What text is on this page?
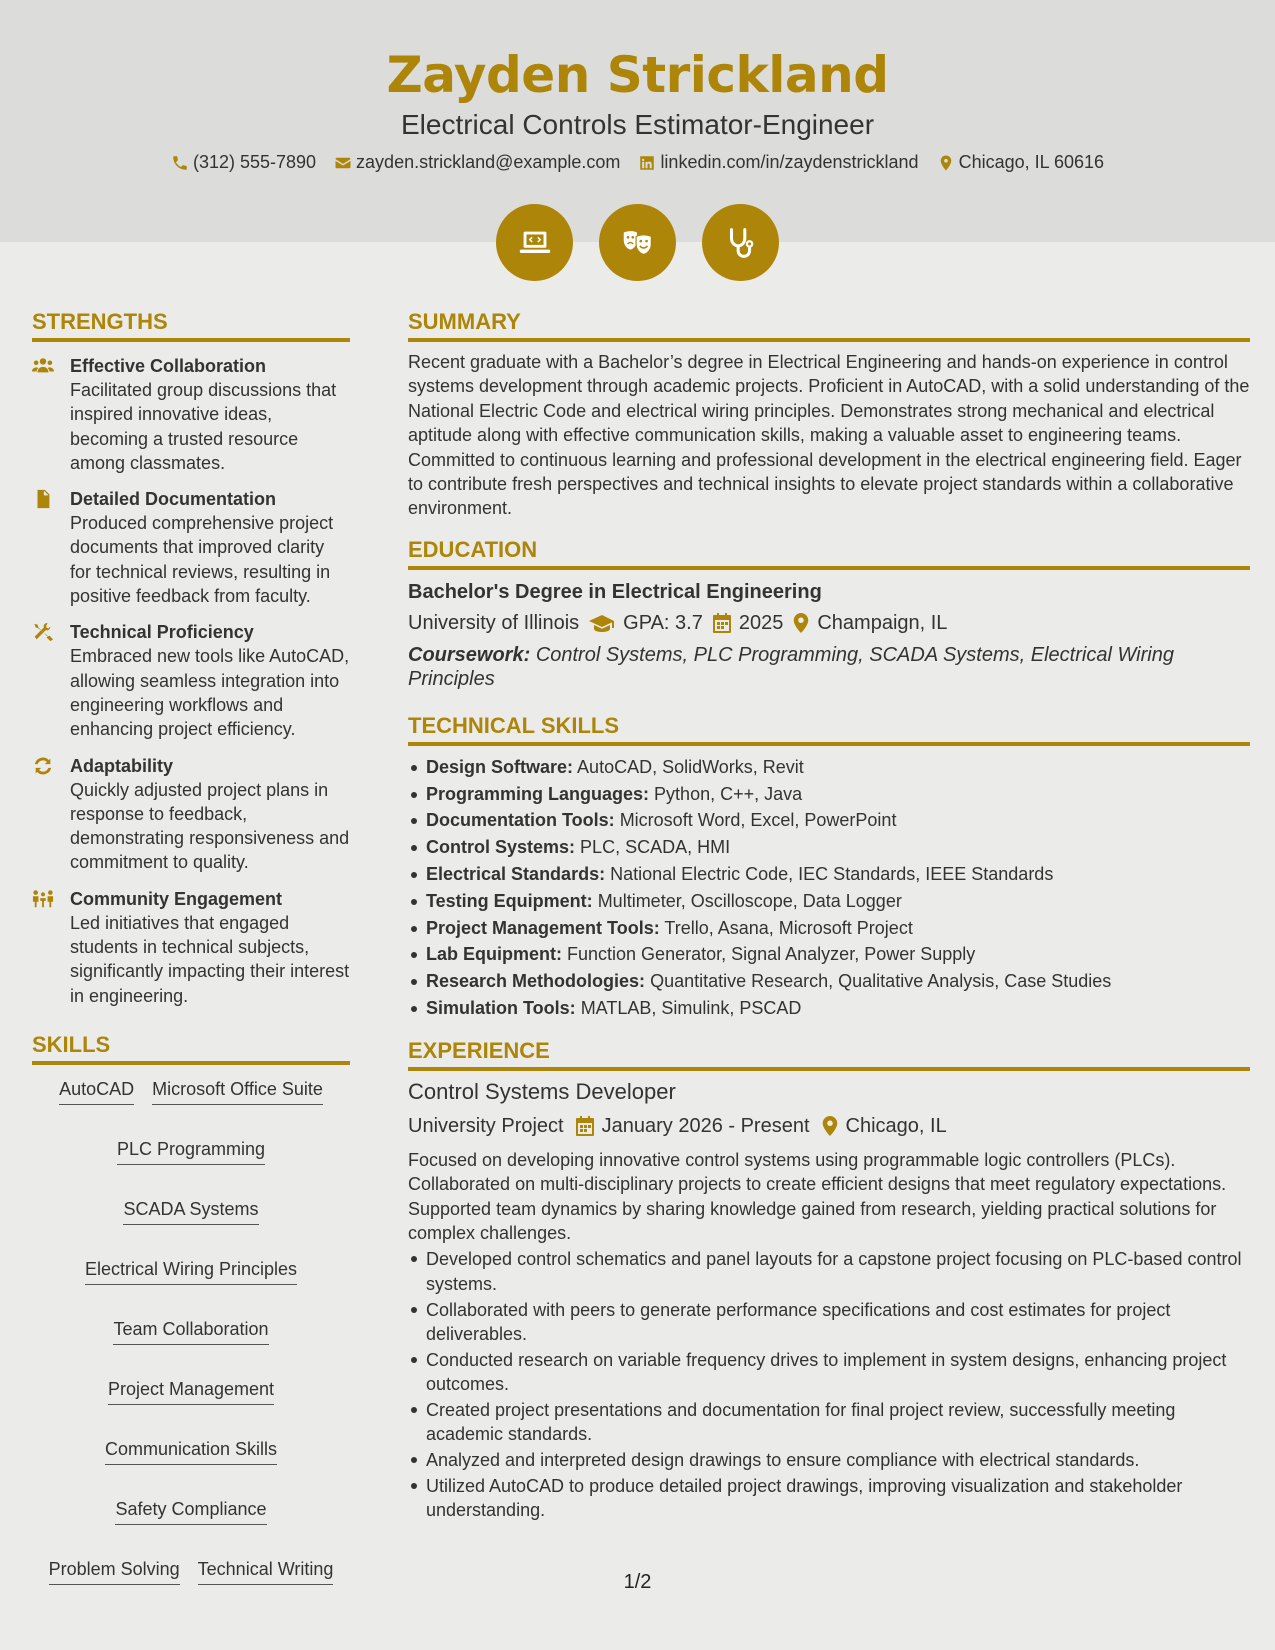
Zayden Strickland
Electrical Controls Estimator-Engineer
(312) 555-7890 zayden.strickland@example.com linkedin.com/in/zaydenstrickland Chicago, IL 60616
STRENGTHS
Effective Collaboration
Facilitated group discussions that inspired innovative ideas, becoming a trusted resource among classmates.
Detailed Documentation
Produced comprehensive project documents that improved clarity for technical reviews, resulting in positive feedback from faculty.
Technical Proficiency
Embraced new tools like AutoCAD, allowing seamless integration into engineering workflows and enhancing project efficiency.
Adaptability
Quickly adjusted project plans in response to feedback, demonstrating responsiveness and commitment to quality.
Community Engagement
Led initiatives that engaged students in technical subjects, significantly impacting their interest in engineering.
SKILLS
AutoCAD Microsoft Office Suite
PLC Programming
SCADA Systems
Electrical Wiring Principles
Team Collaboration
Project Management
Communication Skills
Safety Compliance
Problem Solving Technical Writing
SUMMARY
Recent graduate with a Bachelor’s degree in Electrical Engineering and hands-on experience in control systems development through academic projects. Proficient in AutoCAD, with a solid understanding of the National Electric Code and electrical wiring principles. Demonstrates strong mechanical and electrical aptitude along with effective communication skills, making a valuable asset to engineering teams. Committed to continuous learning and professional development in the electrical engineering field. Eager to contribute fresh perspectives and technical insights to elevate project standards within a collaborative environment.
EDUCATION
Bachelor's Degree in Electrical Engineering
University of Illinois GPA: 3.7 2025 Champaign, IL
Coursework: Control Systems, PLC Programming, SCADA Systems, Electrical Wiring Principles
TECHNICAL SKILLS
Design Software: AutoCAD, SolidWorks, Revit
Programming Languages: Python, C++, Java
Documentation Tools: Microsoft Word, Excel, PowerPoint
Control Systems: PLC, SCADA, HMI
Electrical Standards: National Electric Code, IEC Standards, IEEE Standards
Testing Equipment: Multimeter, Oscilloscope, Data Logger
Project Management Tools: Trello, Asana, Microsoft Project
Lab Equipment: Function Generator, Signal Analyzer, Power Supply
Research Methodologies: Quantitative Research, Qualitative Analysis, Case Studies
Simulation Tools: MATLAB, Simulink, PSCAD
EXPERIENCE
Control Systems Developer
University Project January 2026 - Present Chicago, IL
Focused on developing innovative control systems using programmable logic controllers (PLCs). Collaborated on multi-disciplinary projects to create efficient designs that meet regulatory expectations. Supported team dynamics by sharing knowledge gained from research, yielding practical solutions for complex challenges.
Developed control schematics and panel layouts for a capstone project focusing on PLC-based control systems.
Collaborated with peers to generate performance specifications and cost estimates for project deliverables.
Conducted research on variable frequency drives to implement in system designs, enhancing project outcomes.
Created project presentations and documentation for final project review, successfully meeting academic standards.
Analyzed and interpreted design drawings to ensure compliance with electrical standards.
Utilized AutoCAD to produce detailed project drawings, improving visualization and stakeholder understanding.
1/2
